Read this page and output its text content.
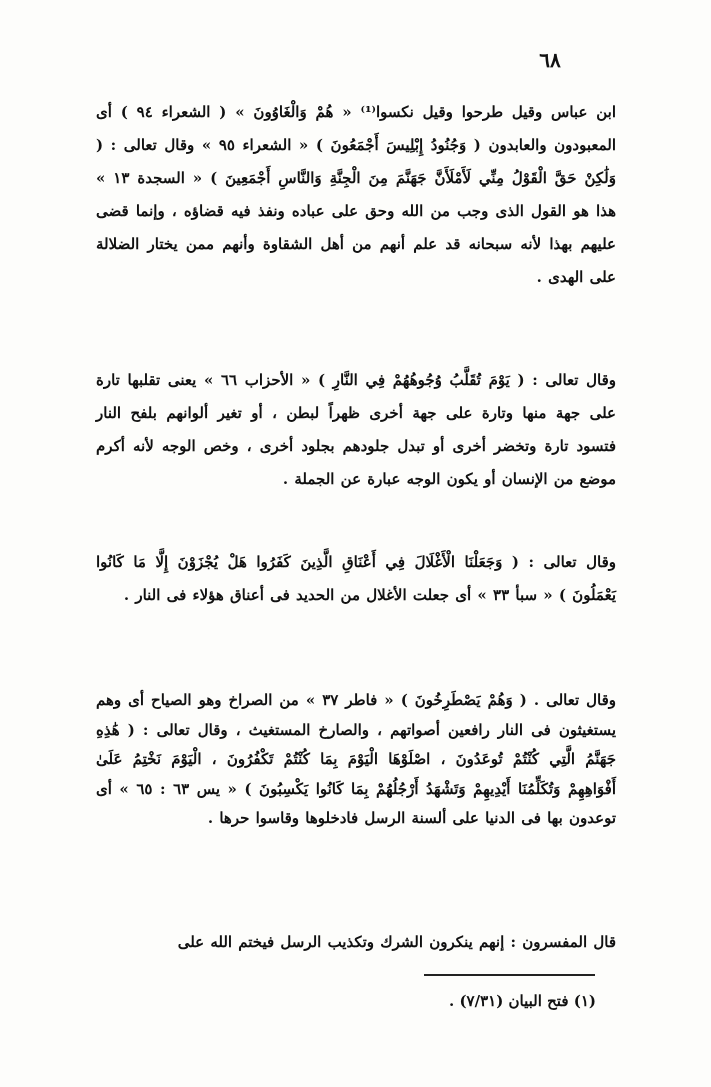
٦٨

ابن عباس وقيل طرحوا وقيل نكسوا⁽¹⁾ « هُمْ وَالْغَاوُونَ » ( الشعراء ٩٤ ) أى المعبودون والعابدون ( وَجُنُودُ إِبْلِيسَ أَجْمَعُونَ ) « الشعراء ٩٥ » وقال تعالى : ( وَلَٰكِنْ حَقَّ الْقَوْلُ مِنِّي لَأَمْلَأَنَّ جَهَنَّمَ مِنَ الْجِنَّةِ وَالنَّاسِ أَجْمَعِينَ ) « السجدة ١٣ » هذا هو القول الذى وجب من الله وحق على عباده ونفذ فيه قضاؤه ، وإنما قضى عليهم بهذا لأنه سبحانه قد علم أنهم من أهل الشقاوة وأنهم ممن يختار الضلالة على الهدى .

وقال تعالى : ( يَوْمَ تُقَلَّبُ وُجُوهُهُمْ فِي النَّارِ ) « الأحزاب ٦٦ » يعنى تقلبها تارة على جهة منها وتارة على جهة أخرى ظهراً لبطن ، أو تغير ألوانهم بلفح النار فتسود تارة وتخضر أخرى أو تبدل جلودهم بجلود أخرى ، وخص الوجه لأنه أكرم موضع من الإنسان أو يكون الوجه عبارة عن الجملة .

وقال تعالى : ( وَجَعَلْنَا الْأَغْلَالَ فِي أَعْنَاقِ الَّذِينَ كَفَرُوا هَلْ يُجْزَوْنَ إِلَّا مَا كَانُوا يَعْمَلُونَ ) « سبأ ٣٣ » أى جعلت الأغلال من الحديد فى أعناق هؤلاء فى النار .

وقال تعالى . ( وَهُمْ يَصْطَرِخُونَ ) « فاطر ٣٧ » من الصراخ وهو الصياح أى وهم يستغيثون فى النار رافعين أصواتهم ، والصارخ المستغيث ، وقال تعالى : ( هَٰذِهِ جَهَنَّمُ الَّتِي كُنْتُمْ تُوعَدُونَ ، اصْلَوْهَا الْيَوْمَ بِمَا كُنْتُمْ تَكْفُرُونَ ، الْيَوْمَ نَخْتِمُ عَلَىٰ أَفْوَاهِهِمْ وَتُكَلِّمُنَا أَيْدِيهِمْ وَتَشْهَدُ أَرْجُلُهُمْ بِمَا كَانُوا يَكْسِبُونَ ) « يس ٦٣ : ٦٥ » أى توعدون بها فى الدنيا على ألسنة الرسل فادخلوها وقاسوا حرها .

قال المفسرون : إنهم ينكرون الشرك وتكذيب الرسل فيختم الله على

(١) فتح البيان (٧/٣١) .
